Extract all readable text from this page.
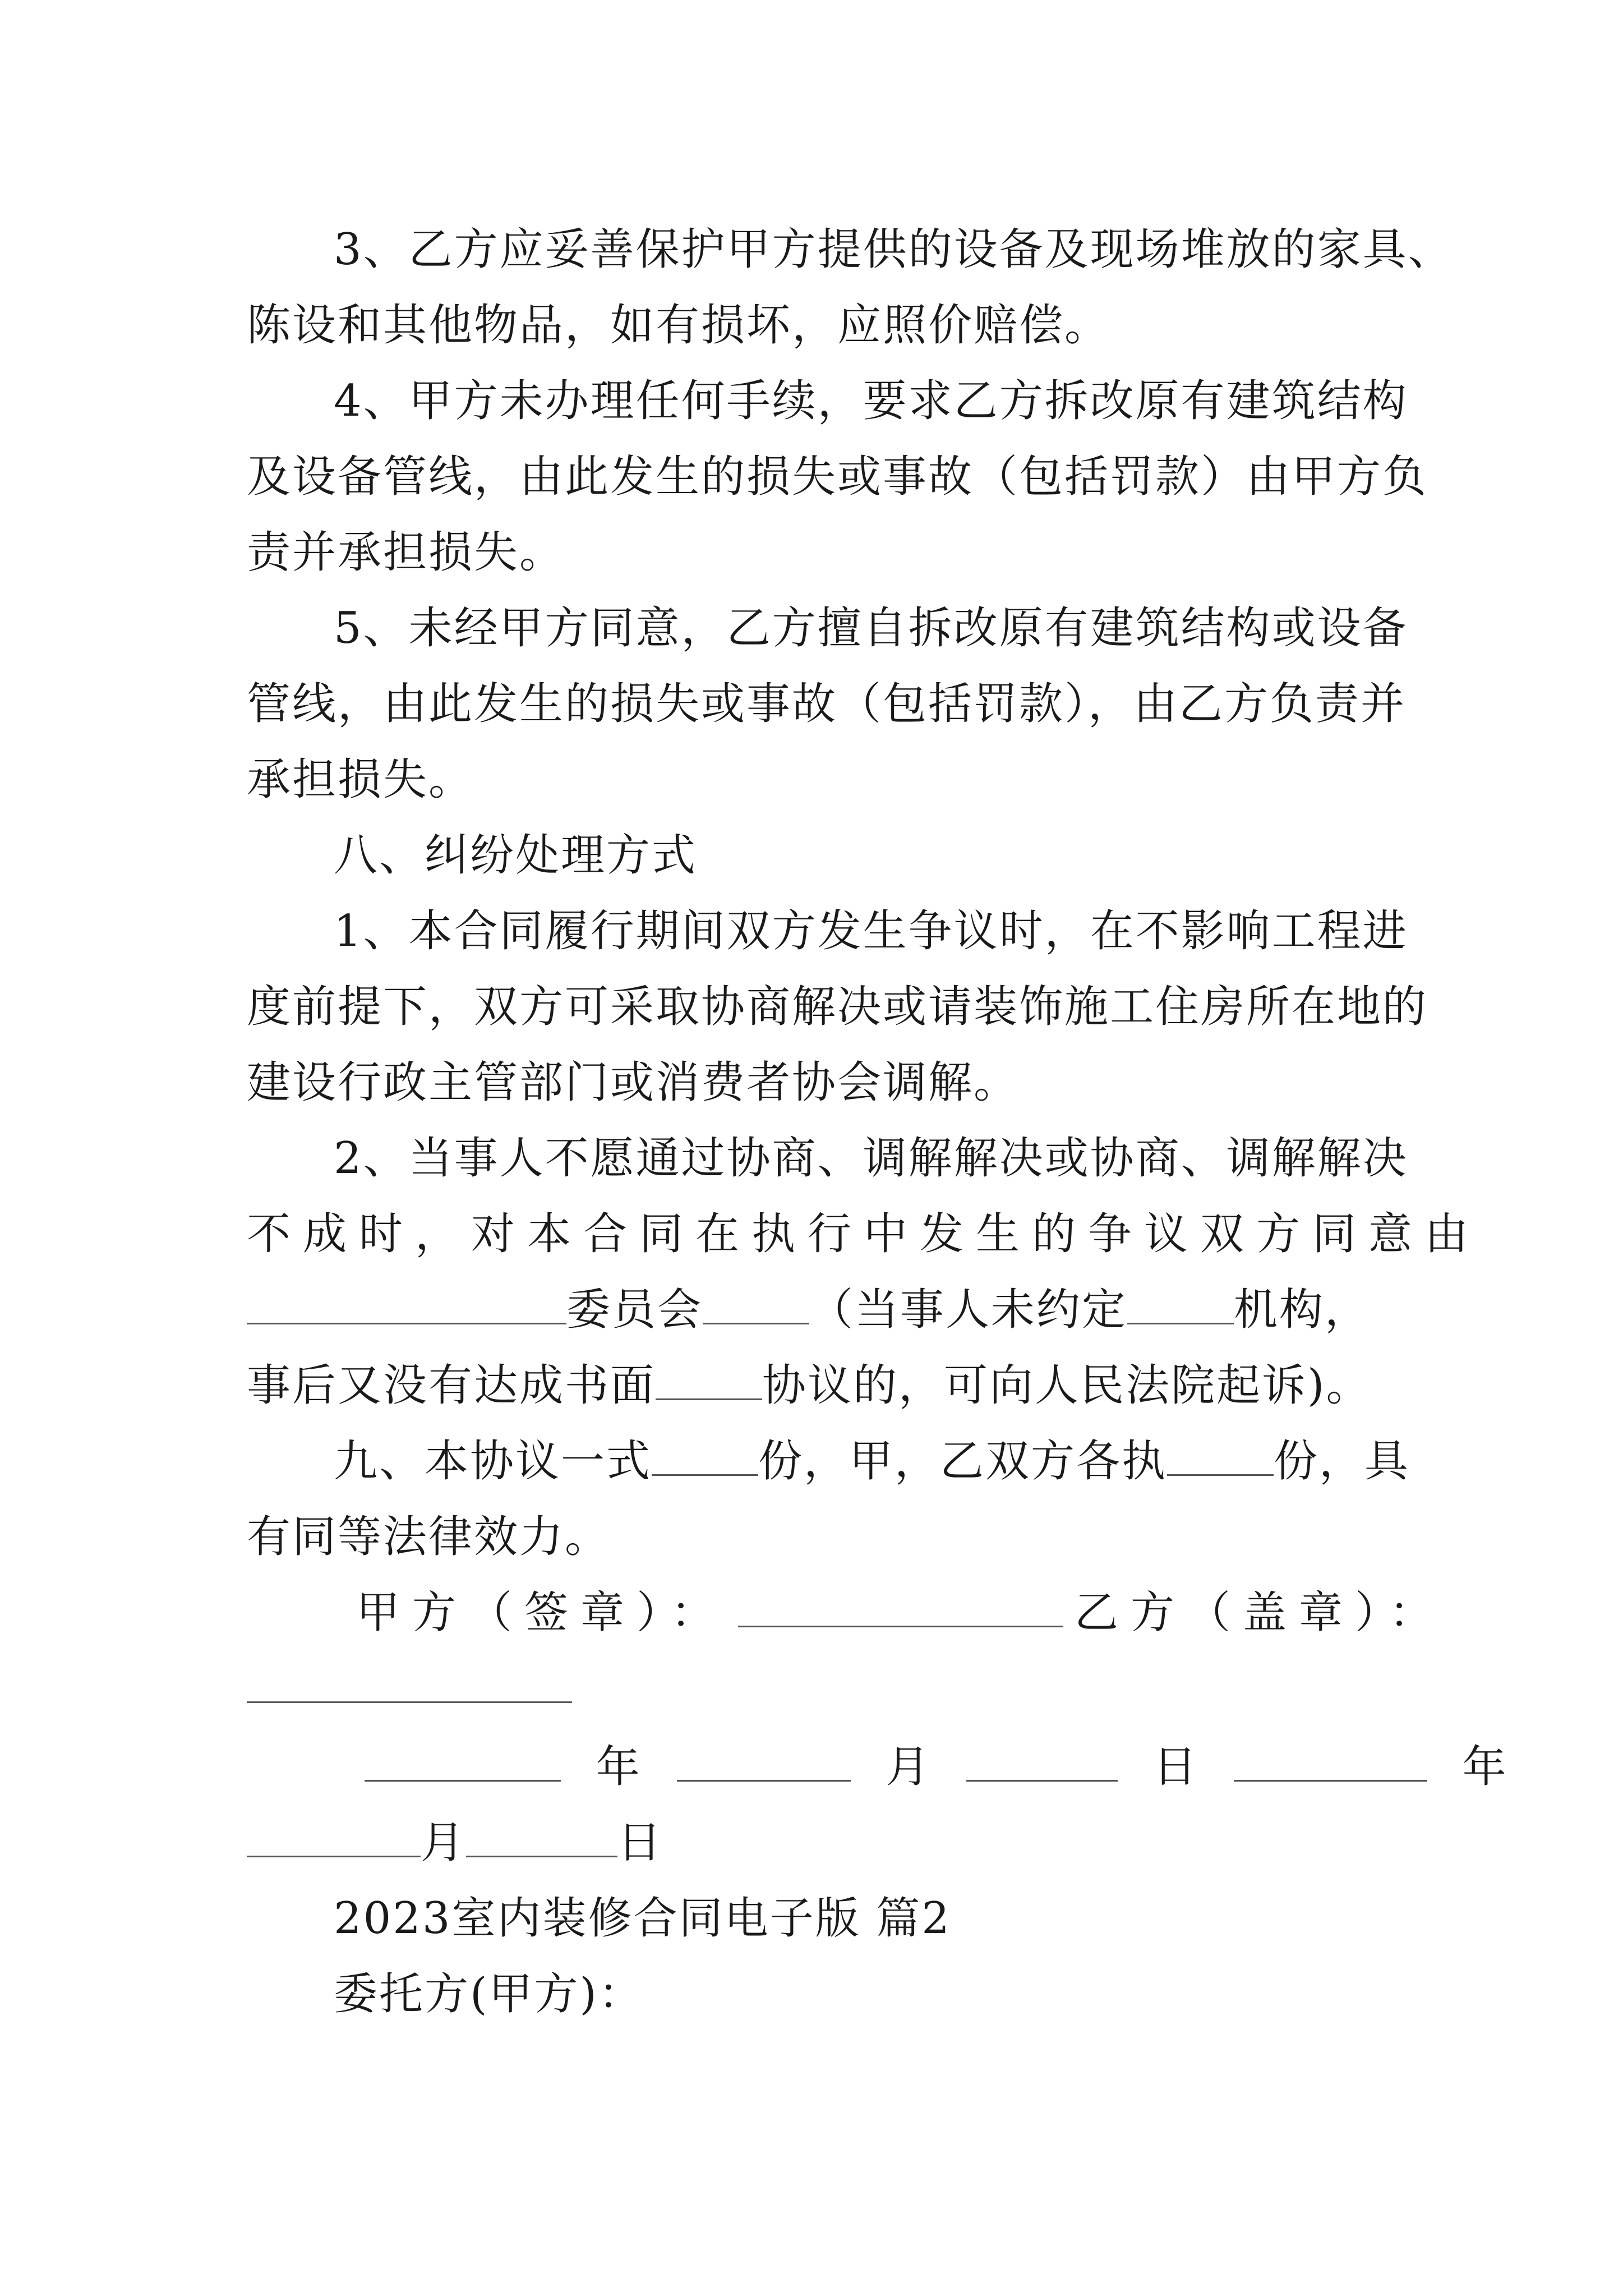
3、乙方应妥善保护甲方提供的设备及现场堆放的家具、
陈设和其他物品，如有损坏，应照价赔偿。
4、甲方未办理任何手续，要求乙方拆改原有建筑结构
及设备管线，由此发生的损失或事故（包括罚款）由甲方负
责并承担损失。
5、未经甲方同意，乙方擅自拆改原有建筑结构或设备
管线，由此发生的损失或事故（包括罚款），由乙方负责并
承担损失。
八、纠纷处理方式
1、本合同履行期间双方发生争议时，在不影响工程进
度前提下，双方可采取协商解决或请装饰施工住房所在地的
建设行政主管部门或消费者协会调解。
2、当事人不愿通过协商、调解解决或协商、调解解决
不成时，对本合同在执行中发生的争议双方同意由
委员会 （当事人未约定 机构，
事后又没有达成书面 协议的，可向人民法院起诉)。
九、本协议一式 份，甲，乙双方各执 份，具
有同等法律效力。
甲方（签章）：	乙方（盖章）：
年	月	日	年
月	日
2023室内装修合同电子版 篇2
委托方(甲方)：
